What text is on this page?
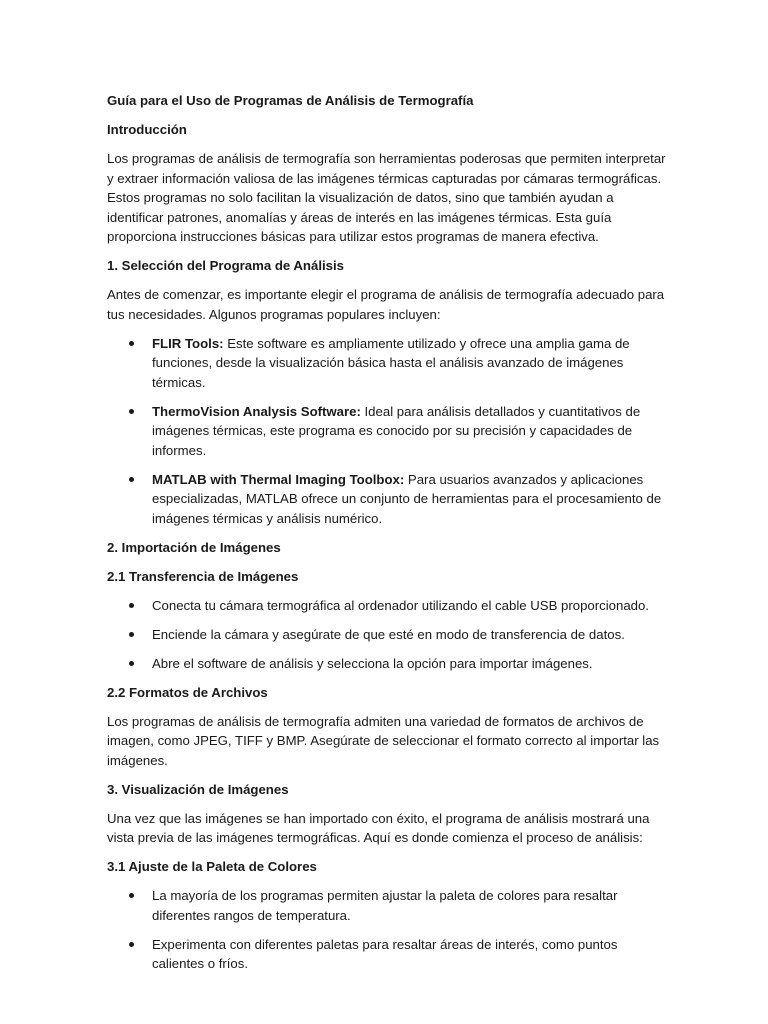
Guía para el Uso de Programas de Análisis de Termografía
Introducción

Los programas de análisis de termografía son herramientas poderosas que permiten interpretar y extraer información valiosa de las imágenes térmicas capturadas por cámaras termográficas. Estos programas no solo facilitan la visualización de datos, sino que también ayudan a identificar patrones, anomalías y áreas de interés en las imágenes térmicas. Esta guía proporciona instrucciones básicas para utilizar estos programas de manera efectiva.

1. Selección del Programa de Análisis

Antes de comenzar, es importante elegir el programa de análisis de termografía adecuado para tus necesidades. Algunos programas populares incluyen:

FLIR Tools: Este software es ampliamente utilizado y ofrece una amplia gama de funciones, desde la visualización básica hasta el análisis avanzado de imágenes térmicas.
ThermoVision Analysis Software: Ideal para análisis detallados y cuantitativos de imágenes térmicas, este programa es conocido por su precisión y capacidades de informes.
MATLAB with Thermal Imaging Toolbox: Para usuarios avanzados y aplicaciones especializadas, MATLAB ofrece un conjunto de herramientas para el procesamiento de imágenes térmicas y análisis numérico.
2. Importación de Imágenes
2.1 Transferencia de Imágenes
Conecta tu cámara termográfica al ordenador utilizando el cable USB proporcionado.
Enciende la cámara y asegúrate de que esté en modo de transferencia de datos.
Abre el software de análisis y selecciona la opción para importar imágenes.
2.2 Formatos de Archivos

Los programas de análisis de termografía admiten una variedad de formatos de archivos de imagen, como JPEG, TIFF y BMP. Asegúrate de seleccionar el formato correcto al importar las imágenes.

3. Visualización de Imágenes

Una vez que las imágenes se han importado con éxito, el programa de análisis mostrará una vista previa de las imágenes termográficas. Aquí es donde comienza el proceso de análisis:

3.1 Ajuste de la Paleta de Colores
La mayoría de los programas permiten ajustar la paleta de colores para resaltar diferentes rangos de temperatura.
Experimenta con diferentes paletas para resaltar áreas de interés, como puntos calientes o fríos.
